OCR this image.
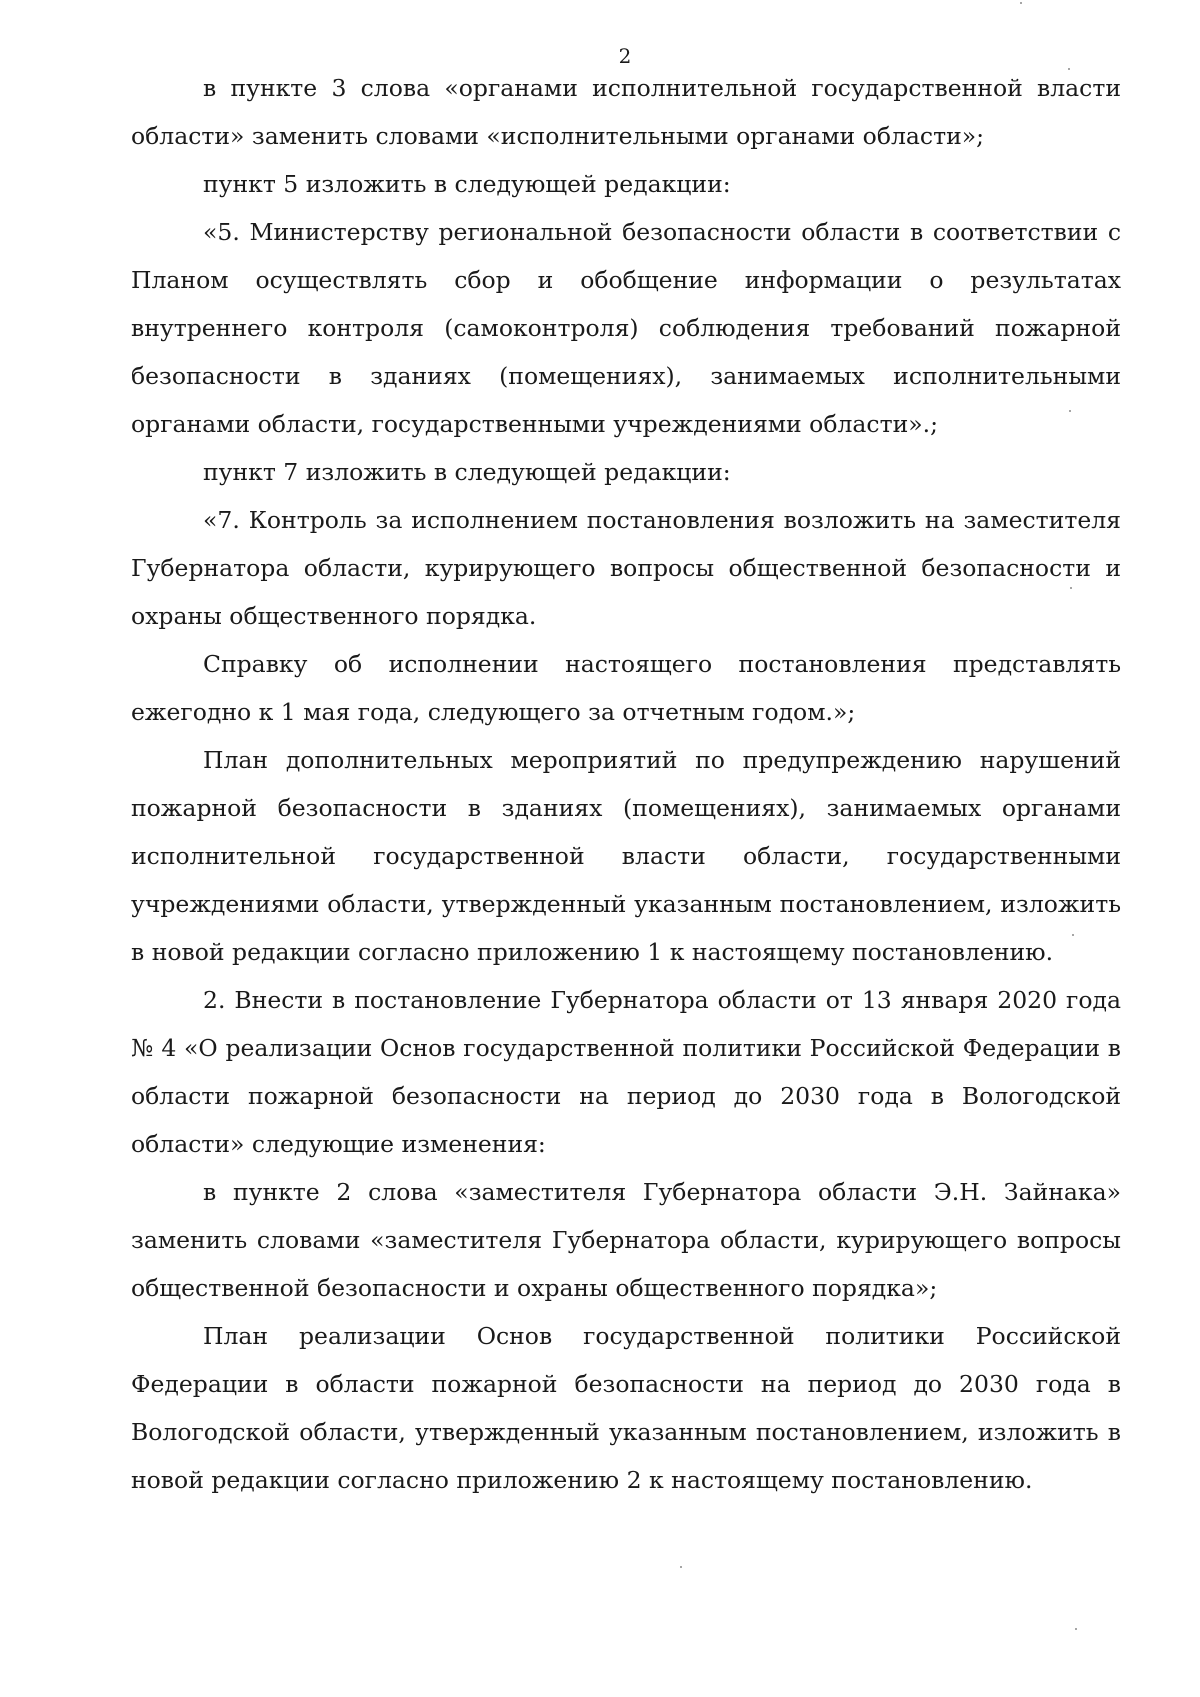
2

в пункте 3 слова «органами исполнительной государственной власти области» заменить словами «исполнительными органами области»;

пункт 5 изложить в следующей редакции:

«5. Министерству региональной безопасности области в соответствии с Планом осуществлять сбор и обобщение информации о результатах внутреннего контроля (самоконтроля) соблюдения требований пожарной безопасности в зданиях (помещениях), занимаемых исполнительными органами области, государственными учреждениями области».;

пункт 7 изложить в следующей редакции:

«7. Контроль за исполнением постановления возложить на заместителя Губернатора области, курирующего вопросы общественной безопасности и охраны общественного порядка.

Справку об исполнении настоящего постановления представлять ежегодно к 1 мая года, следующего за отчетным годом.»;

План дополнительных мероприятий по предупреждению нарушений пожарной безопасности в зданиях (помещениях), занимаемых органами исполнительной государственной власти области, государственными учреждениями области, утвержденный указанным постановлением, изложить в новой редакции согласно приложению 1 к настоящему постановлению.

2. Внести в постановление Губернатора области от 13 января 2020 года № 4 «О реализации Основ государственной политики Российской Федерации в области пожарной безопасности на период до 2030 года в Вологодской области» следующие изменения:

в пункте 2 слова «заместителя Губернатора области Э.Н. Зайнака» заменить словами «заместителя Губернатора области, курирующего вопросы общественной безопасности и охраны общественного порядка»;

План реализации Основ государственной политики Российской Федерации в области пожарной безопасности на период до 2030 года в Вологодской области, утвержденный указанным постановлением, изложить в новой редакции согласно приложению 2 к настоящему постановлению.
